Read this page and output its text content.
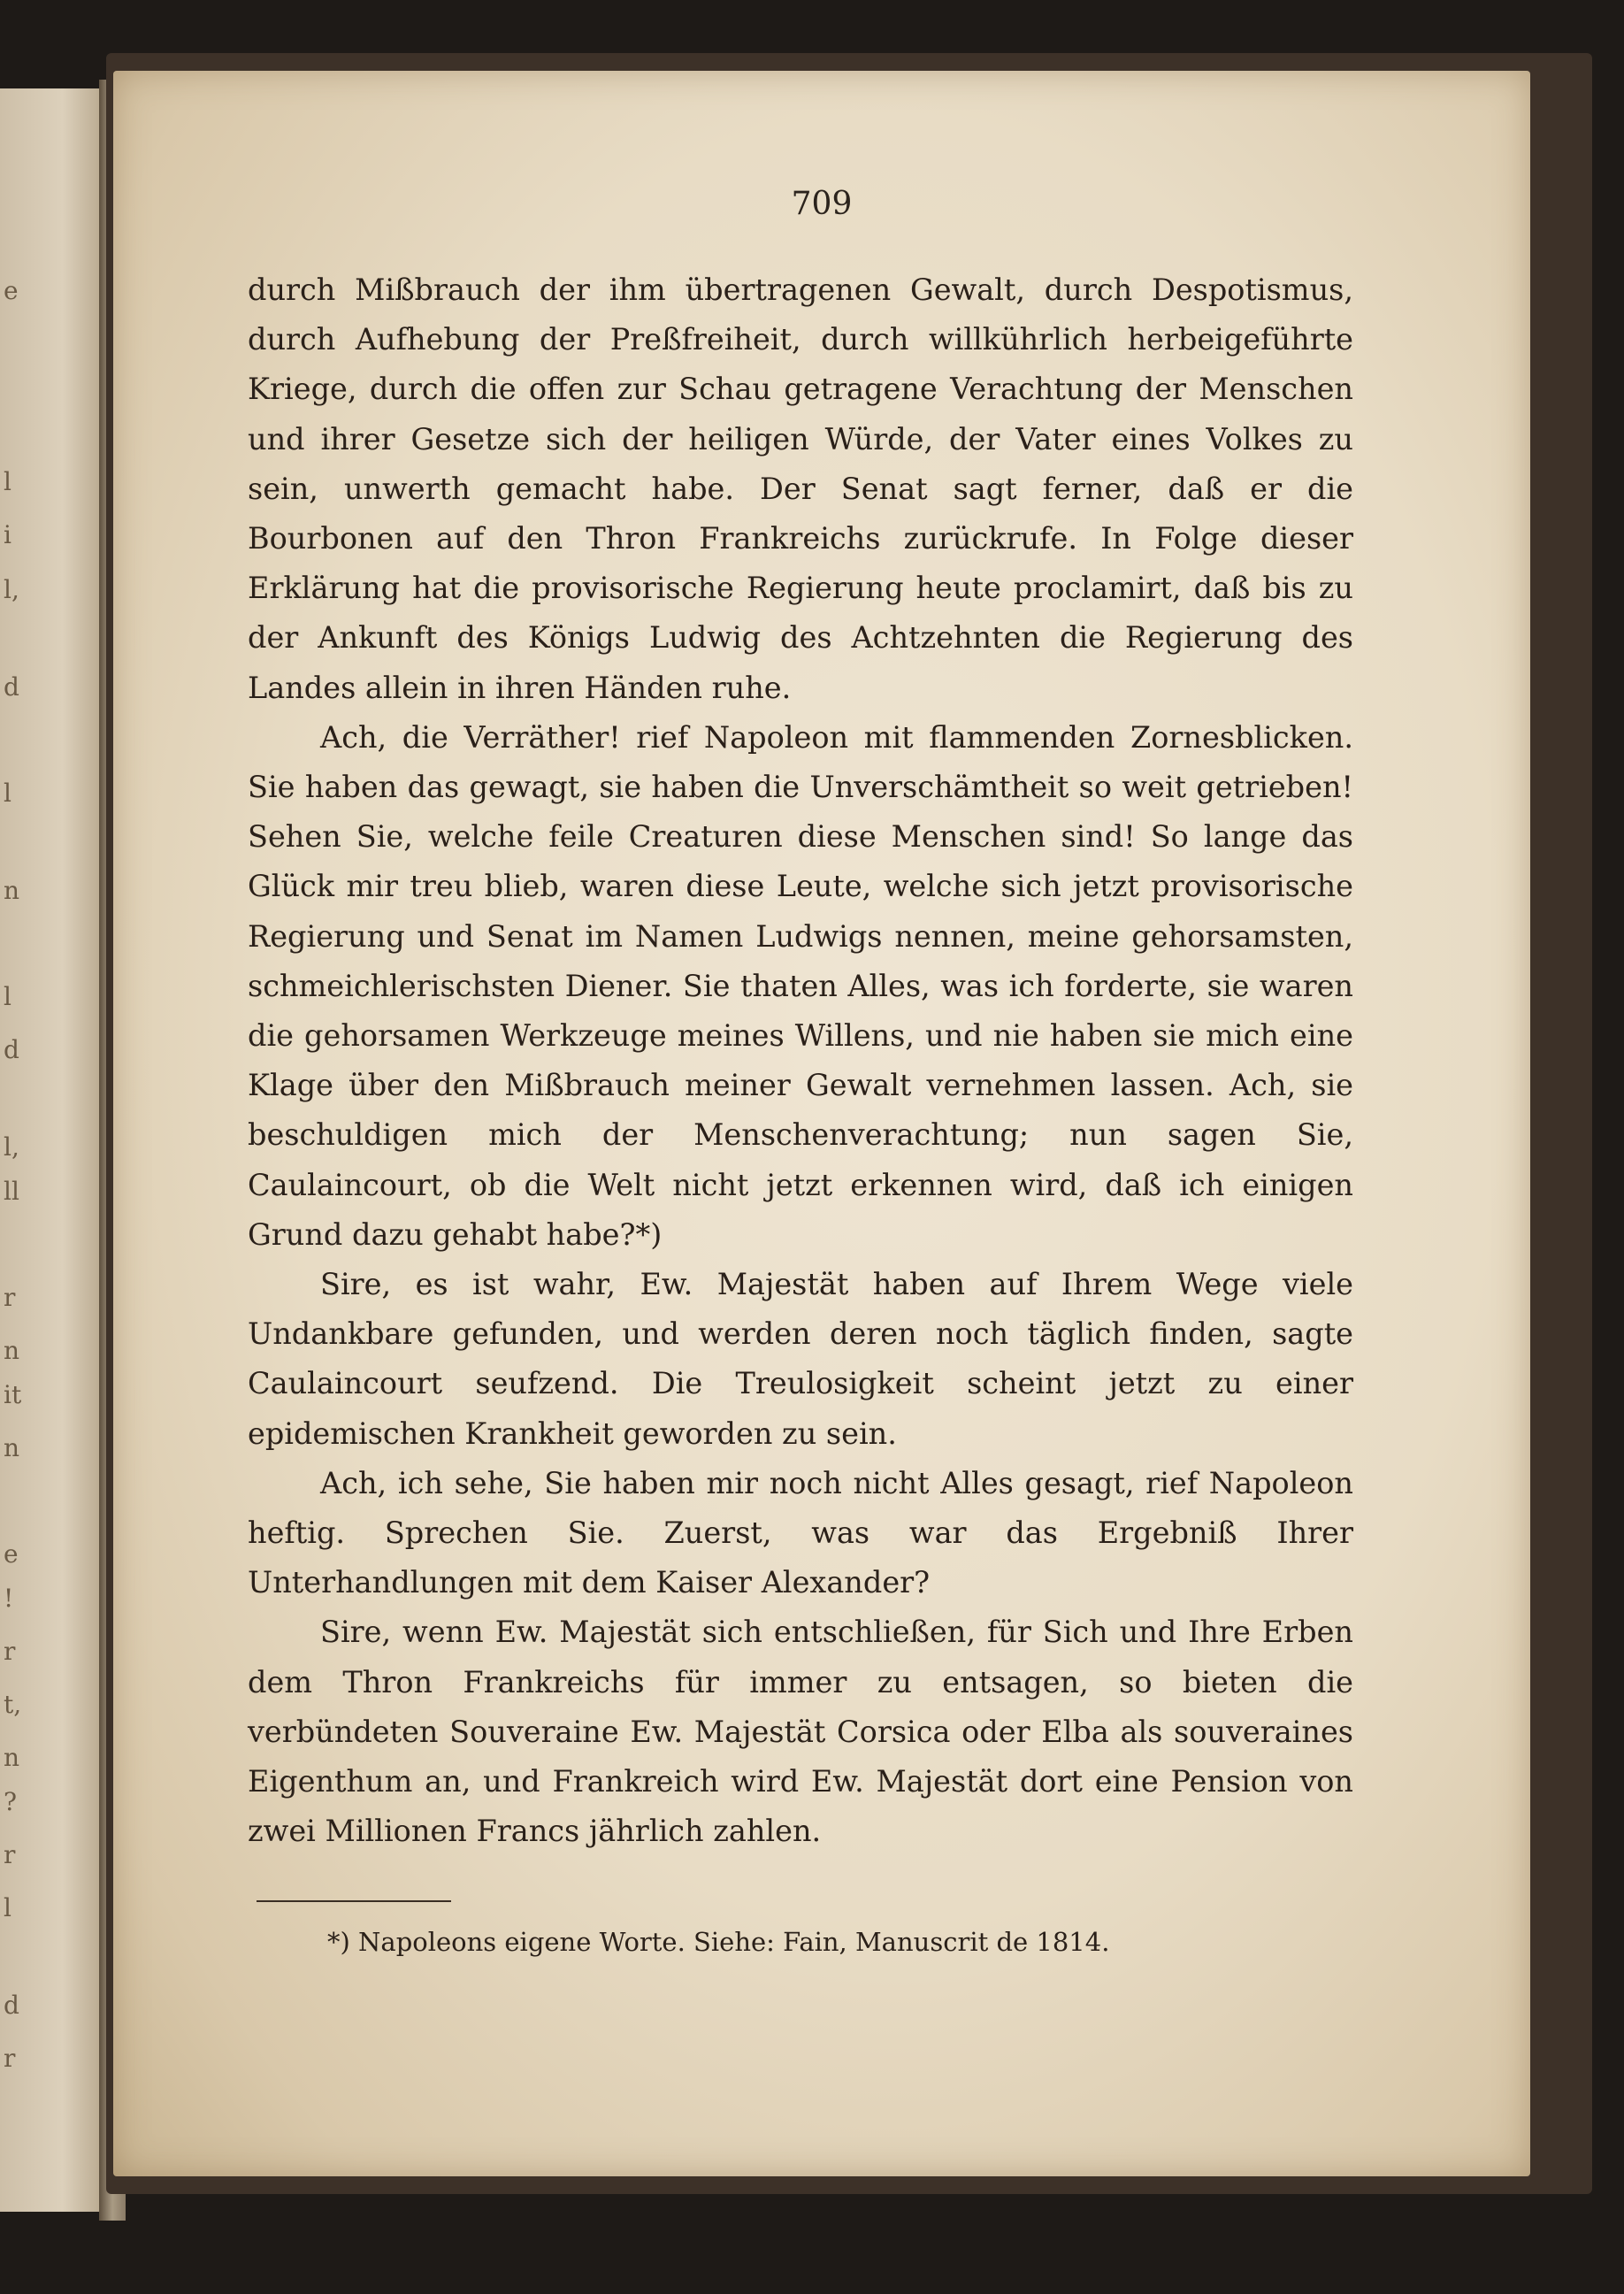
e
l
i
l,
d
l
n
l
d
l,
ll
r
n
it
n
e
!
r
t,
n
?
r
l
d
r
709

durch Mißbrauch der ihm übertragenen Gewalt, durch Despotismus, durch Aufhebung der Preßfreiheit, durch willkührlich herbeigeführte Kriege, durch die offen zur Schau getragene Verachtung der Menschen und ihrer Gesetze sich der heiligen Würde, der Vater eines Volkes zu sein, unwerth gemacht habe. Der Senat sagt ferner, daß er die Bourbonen auf den Thron Frankreichs zurückrufe. In Folge dieser Erklärung hat die provisorische Regierung heute proclamirt, daß bis zu der Ankunft des Königs Ludwig des Achtzehnten die Regierung des Landes allein in ihren Händen ruhe.

Ach, die Verräther! rief Napoleon mit flammenden Zornesblicken. Sie haben das gewagt, sie haben die Unverschämtheit so weit getrieben! Sehen Sie, welche feile Creaturen diese Menschen sind! So lange das Glück mir treu blieb, waren diese Leute, welche sich jetzt provisorische Regierung und Senat im Namen Ludwigs nennen, meine gehorsamsten, schmeichlerischsten Diener. Sie thaten Alles, was ich forderte, sie waren die gehorsamen Werkzeuge meines Willens, und nie haben sie mich eine Klage über den Mißbrauch meiner Gewalt vernehmen lassen. Ach, sie beschuldigen mich der Menschenverachtung; nun sagen Sie, Caulaincourt, ob die Welt nicht jetzt erkennen wird, daß ich einigen Grund dazu gehabt habe?*)

Sire, es ist wahr, Ew. Majestät haben auf Ihrem Wege viele Undankbare gefunden, und werden deren noch täglich finden, sagte Caulaincourt seufzend. Die Treulosigkeit scheint jetzt zu einer epidemischen Krankheit geworden zu sein.

Ach, ich sehe, Sie haben mir noch nicht Alles gesagt, rief Napoleon heftig. Sprechen Sie. Zuerst, was war das Ergebniß Ihrer Unterhandlungen mit dem Kaiser Alexander?

Sire, wenn Ew. Majestät sich entschließen, für Sich und Ihre Erben dem Thron Frankreichs für immer zu entsagen, so bieten die verbündeten Souveraine Ew. Majestät Corsica oder Elba als souveraines Eigenthum an, und Frankreich wird Ew. Majestät dort eine Pension von zwei Millionen Francs jährlich zahlen.

*) Napoleons eigene Worte. Siehe: Fain, Manuscrit de 1814.
